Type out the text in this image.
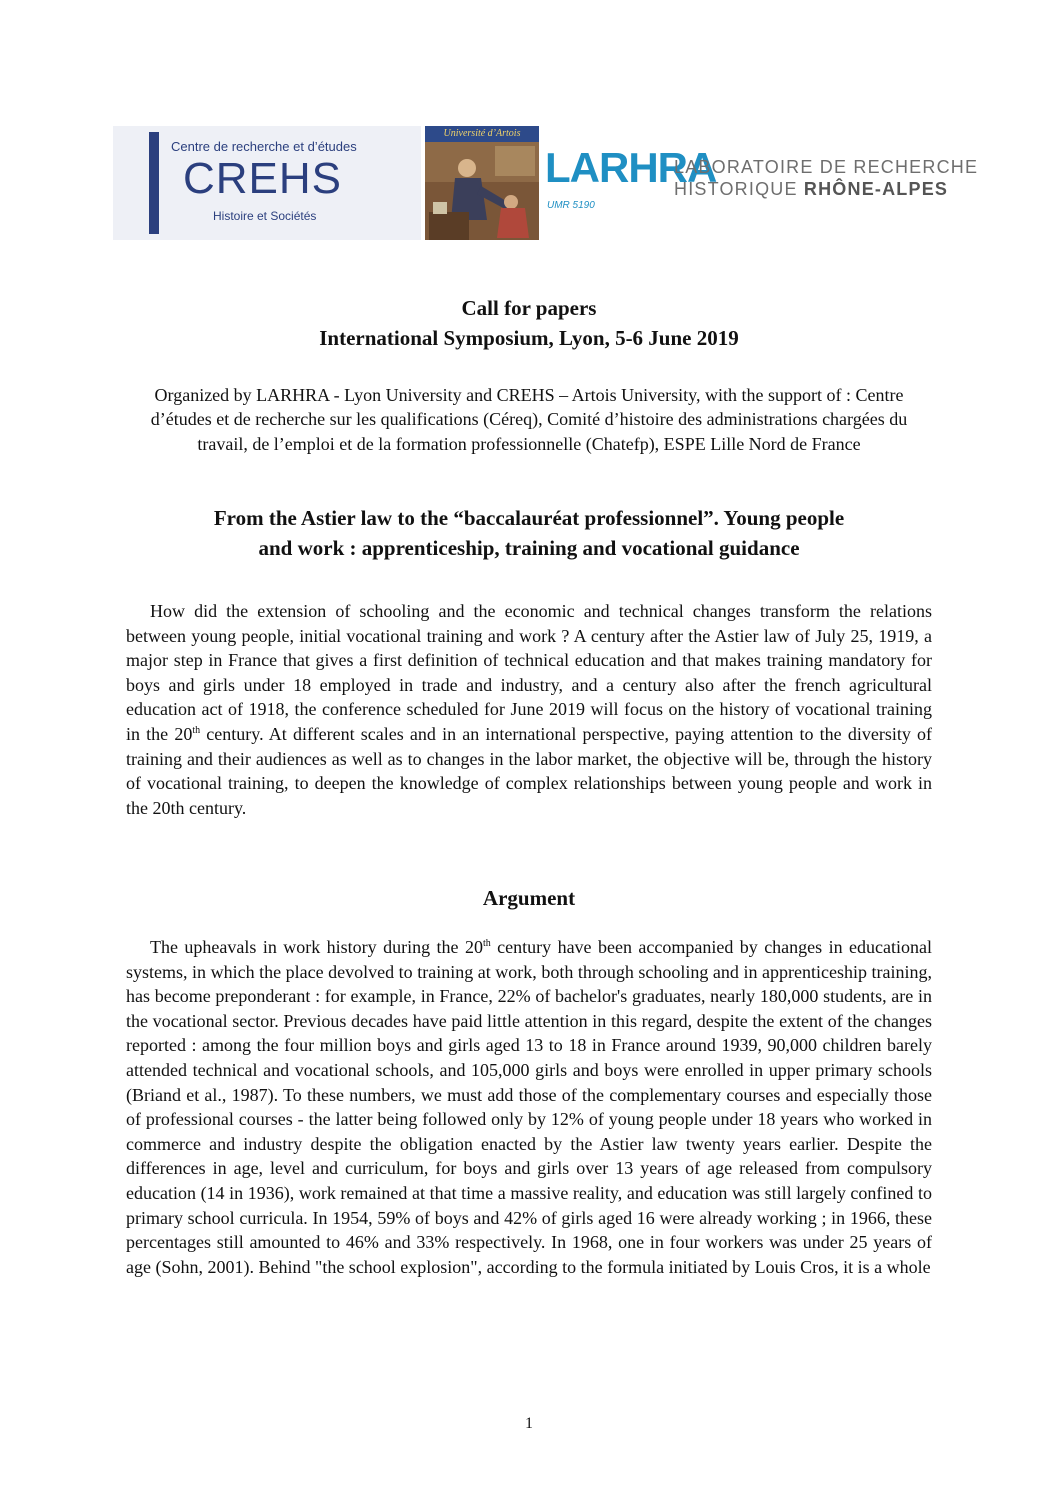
Centre de recherche et d’études
CREHS
Histoire et Sociétés
Université d’Artois
LARHRA
UMR 5190
LABORATOIRE DE RECHERCHE
HISTORIQUE RHÔNE-ALPES
Call for papers
International Symposium, Lyon, 5-6 June 2019
Organized by LARHRA - Lyon University and CREHS – Artois University, with the support of : Centre d’études et de recherche sur les qualifications (Céreq), Comité d’histoire des administrations chargées du travail, de l’emploi et de la formation professionnelle (Chatefp), ESPE Lille Nord de France
From the Astier law to the “baccalauréat professionnel”. Young people
and work : apprenticeship, training and vocational guidance

How did the extension of schooling and the economic and technical changes transform the relations between young people, initial vocational training and work ? A century after the Astier law of July 25, 1919, a major step in France that gives a first definition of technical education and that makes training mandatory for boys and girls under 18 employed in trade and industry, and a century also after the french agricultural education act of 1918, the conference scheduled for June 2019 will focus on the history of vocational training in the 20th century. At different scales and in an international perspective, paying attention to the diversity of training and their audiences as well as to changes in the labor market, the objective will be, through the history of vocational training, to deepen the knowledge of complex relationships between young people and work in the 20th century.

Argument

The upheavals in work history during the 20th century have been accompanied by changes in educational systems, in which the place devolved to training at work, both through schooling and in apprenticeship training, has become preponderant : for example, in France, 22% of bachelor's graduates, nearly 180,000 students, are in the vocational sector. Previous decades have paid little attention in this regard, despite the extent of the changes reported : among the four million boys and girls aged 13 to 18 in France around 1939, 90,000 children barely attended technical and vocational schools, and 105,000 girls and boys were enrolled in upper primary schools (Briand et al., 1987). To these numbers, we must add those of the complementary courses and especially those of professional courses - the latter being followed only by 12% of young people under 18 years who worked in commerce and industry despite the obligation enacted by the Astier law twenty years earlier. Despite the differences in age, level and curriculum, for boys and girls over 13 years of age released from compulsory education (14 in 1936), work remained at that time a massive reality, and education was still largely confined to primary school curricula. In 1954, 59% of boys and 42% of girls aged 16 were already working ; in 1966, these percentages still amounted to 46% and 33% respectively. In 1968, one in four workers was under 25 years of age (Sohn, 2001). Behind "the school explosion", according to the formula initiated by Louis Cros, it is a whole

1
